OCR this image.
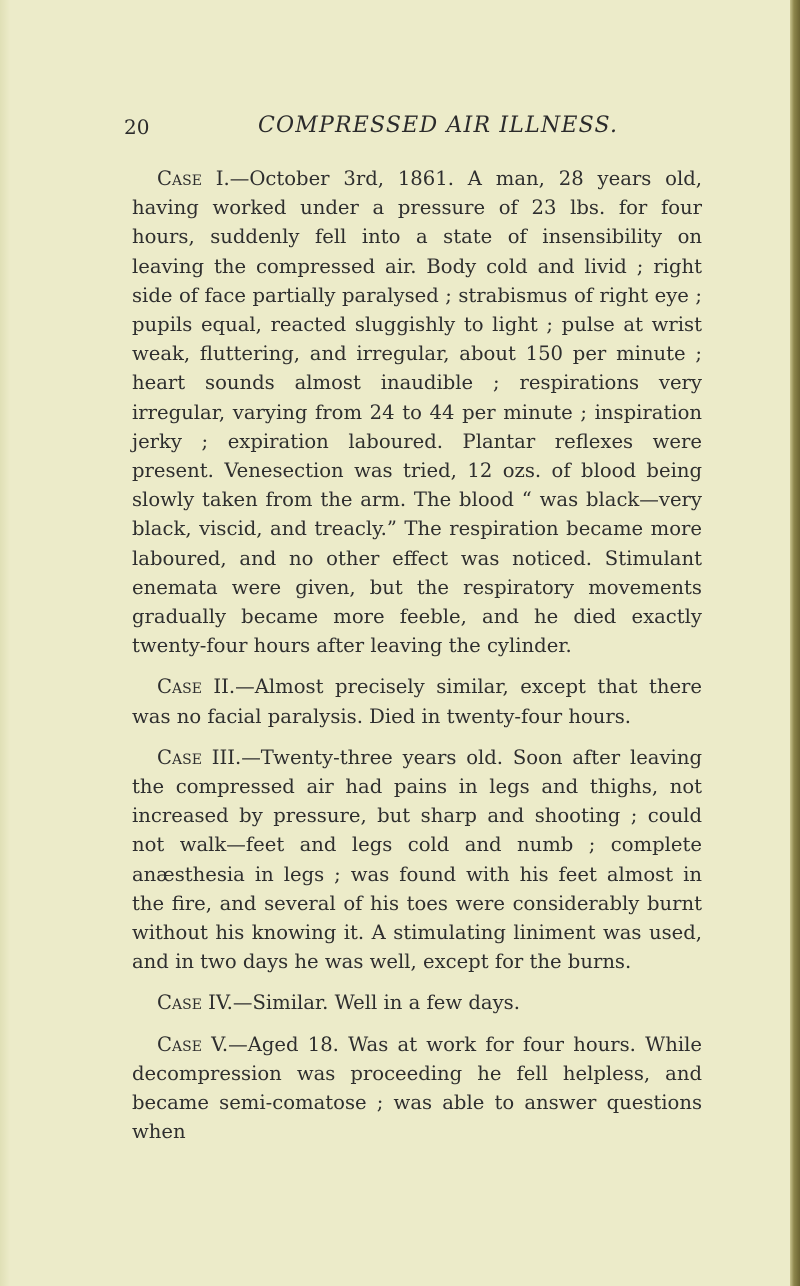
20	COMPRESSED AIR ILLNESS.

Case I.—October 3rd, 1861. A man, 28 years old, having worked under a pressure of 23 lbs. for four hours, suddenly fell into a state of insensibility on leaving the compressed air. Body cold and livid ; right side of face partially paralysed ; strabismus of right eye ; pupils equal, reacted sluggishly to light ; pulse at wrist weak, fluttering, and irregular, about 150 per minute ; heart sounds almost inaudible ; respirations very irregular, varying from 24 to 44 per minute ; inspiration jerky ; expiration laboured. Plantar reflexes were present. Venesection was tried, 12 ozs. of blood being slowly taken from the arm. The blood “ was black—very black, viscid, and treacly.” The respiration became more laboured, and no other effect was noticed. Stimulant enemata were given, but the respiratory movements gradually became more feeble, and he died exactly twenty-four hours after leaving the cylinder.

Case II.—Almost precisely similar, except that there was no facial paralysis. Died in twenty-four hours.

Case III.—Twenty-three years old. Soon after leaving the compressed air had pains in legs and thighs, not increased by pressure, but sharp and shooting ; could not walk—feet and legs cold and numb ; complete anæsthesia in legs ; was found with his feet almost in the fire, and several of his toes were considerably burnt without his knowing it. A stimulating liniment was used, and in two days he was well, except for the burns.

Case IV.—Similar. Well in a few days.

Case V.—Aged 18. Was at work for four hours. While decompression was proceeding he fell helpless, and became semi-comatose ; was able to answer questions when
